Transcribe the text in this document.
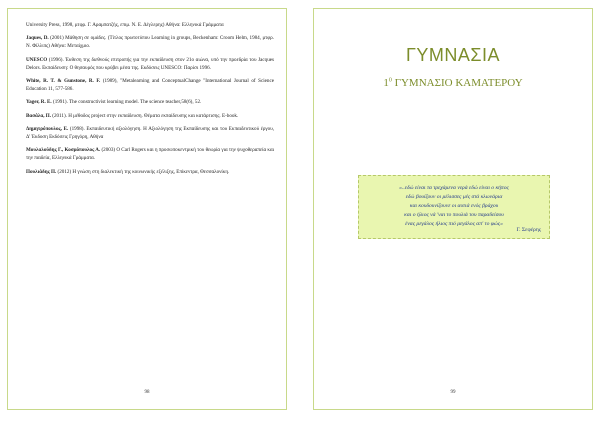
University Press, 1998, μτφρ. Γ. Αραμπατζής, επιμ. Ν. Ε. Δέγλερης) Αθήνα: Ελληνικά Γράμματα

Jaques, D. (2001) Μάθηση σε ομάδες. (Τίτλος πρωτοτύπου Learning in groups, Beckenham: Croom Helm, 1984, μτφρ. Ν. Φίλλιπς) Αθήνα: Μεταίχμιο.

UNESCO (1996). Έκθεση της διεθνούς επιτροπής για την εκπαίδευση στον 21ο αιώνα, υπό την προεδρία του Jacques Delors. Εκπαίδευση: Ο θησαυρός που κρύβει μέσα της. Εκδόσεις UNESCO: Παρίσι 1996.

White, R. T. & Gunstone, R. F. (1989), "Metalearning and ConceptualChange "International Journal of Science Education 11, 577-586.

Yager, R. E. (1991). The constructivist learning model. The science teacher,58(6), 52.

Βασάλα, Π. (2011). Η μέθοδος project στην εκπαίδευση. Θέματα εκπαίδευσης και κατάρτισης. E-book.

Δημητρόπουλος, Ε. (1998). Εκπαιδευτική αξιολόγηση. Η Αξιολόγηση της Εκπαίδευσης και του Εκπαιδευτικού έργου, Δ' Έκδοση Εκδόσεις Γρηγόρη, Αθήνα

Μουλαλούδης Γ., Κοσμόπουλος Α. (2003) O Carl Rogers και η προσωποκεντρική του θεωρία για την ψυχοθεραπεία και την παιδεία, Ελληνικά Γράμματα.

Πουλιάδης Π. (2012) Η γνώση στη διαλεκτική της κοινωνικής εξέλιξης, Επίκεντρα, Θεσσαλονίκη.

98
ΓΥΜΝΑΣΙΑ
$1^0$ ΓΥΜΝΑΣΙΟ ΚΑΜΑΤΕΡΟΥ
«..εδώ είναι τα τρεχάμενα νερά εδώ είναι ο κήπος
εδώ βουίζουν οι μέλισσες μές στά κλωνάρια
και κουδουνίζουνε οι αυτιά ενός βράχου
και ο ήλιος νά 'ναι το πουλιά του παραδείσου
ένας μεγάλος ήλιος πιό μεγάλος απ' το φώς»
Γ. Σεφέρης
99
